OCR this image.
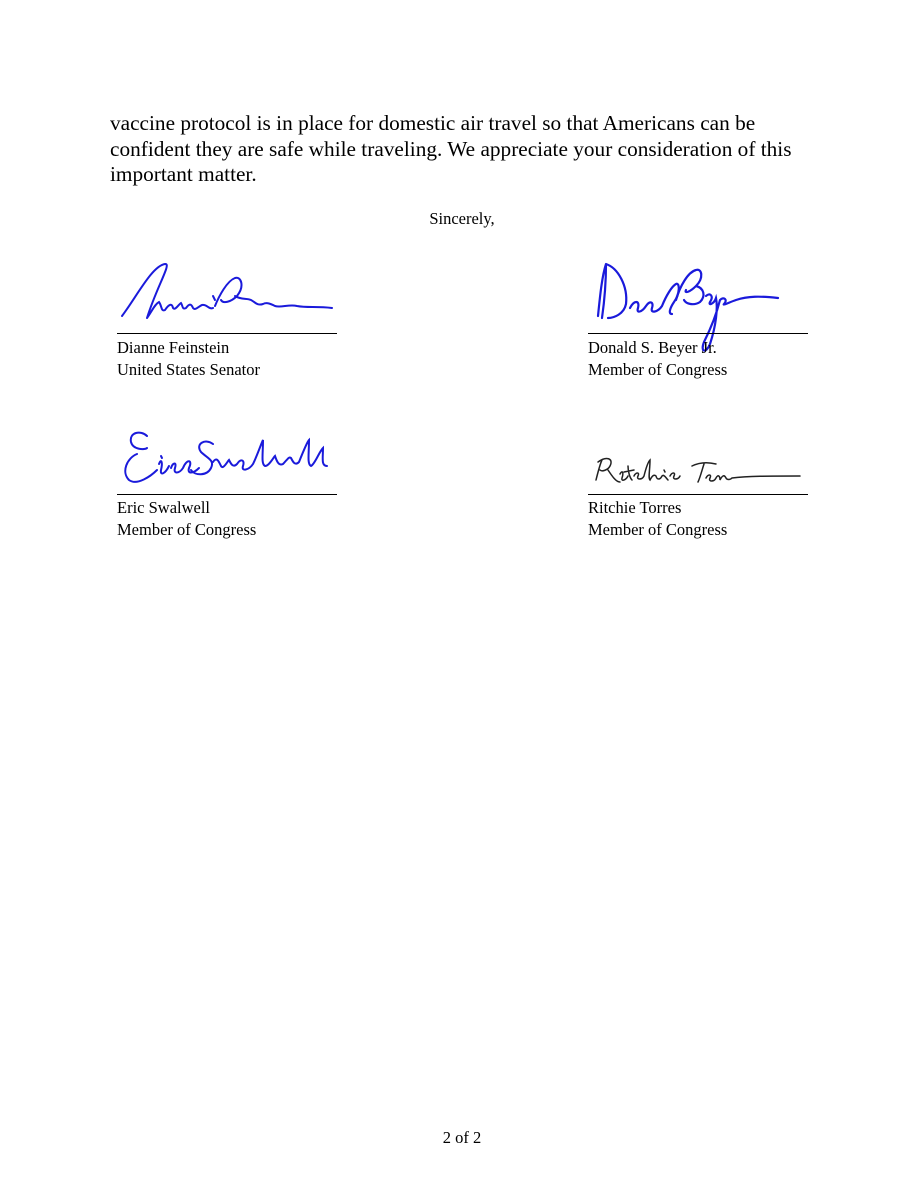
vaccine protocol is in place for domestic air travel so that Americans can be confident they are safe while traveling. We appreciate your consideration of this important matter.

Sincerely,

Dianne Feinstein
United States Senator
Donald S. Beyer Jr.
Member of Congress
Eric Swalwell
Member of Congress
Ritchie Torres
Member of Congress
2 of 2
